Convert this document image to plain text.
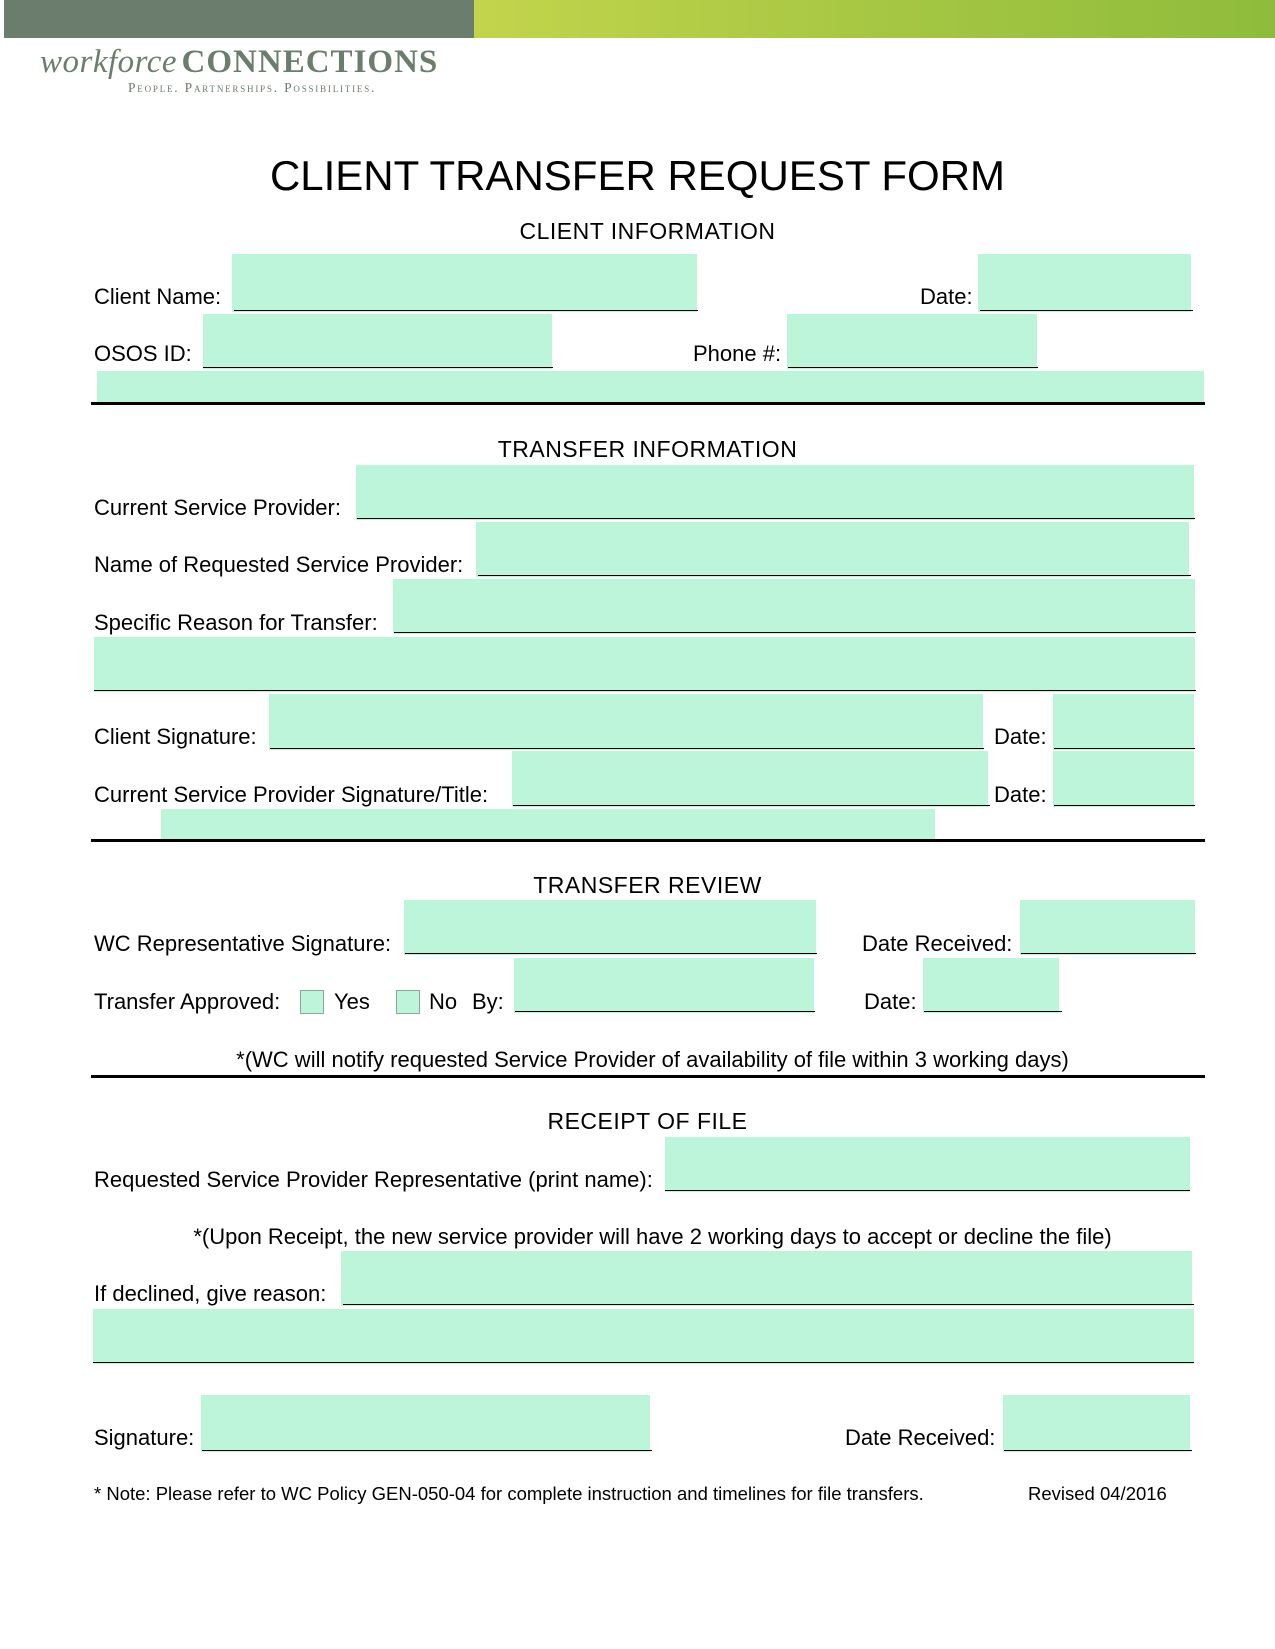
workforce CONNECTIONS
People. Partnerships. Possibilities.
CLIENT TRANSFER REQUEST FORM
CLIENT INFORMATION
Client Name:	Date:
OSOS ID:	Phone #:
TRANSFER INFORMATION
Current Service Provider:
Name of Requested Service Provider:
Specific Reason for Transfer:
Client Signature:	Date:
Current Service Provider Signature/Title:	Date:
TRANSFER REVIEW
WC Representative Signature:	Date Received:
Transfer Approved: Yes	No By:	Date:
*(WC will notify requested Service Provider of availability of file within 3 working days)
RECEIPT OF FILE
Requested Service Provider Representative (print name):
*(Upon Receipt, the new service provider will have 2 working days to accept or decline the file)
If declined, give reason:
Signature:	Date Received:
* Note: Please refer to WC Policy GEN-050-04 for complete instruction and timelines for file transfers.	Revised 04/2016
